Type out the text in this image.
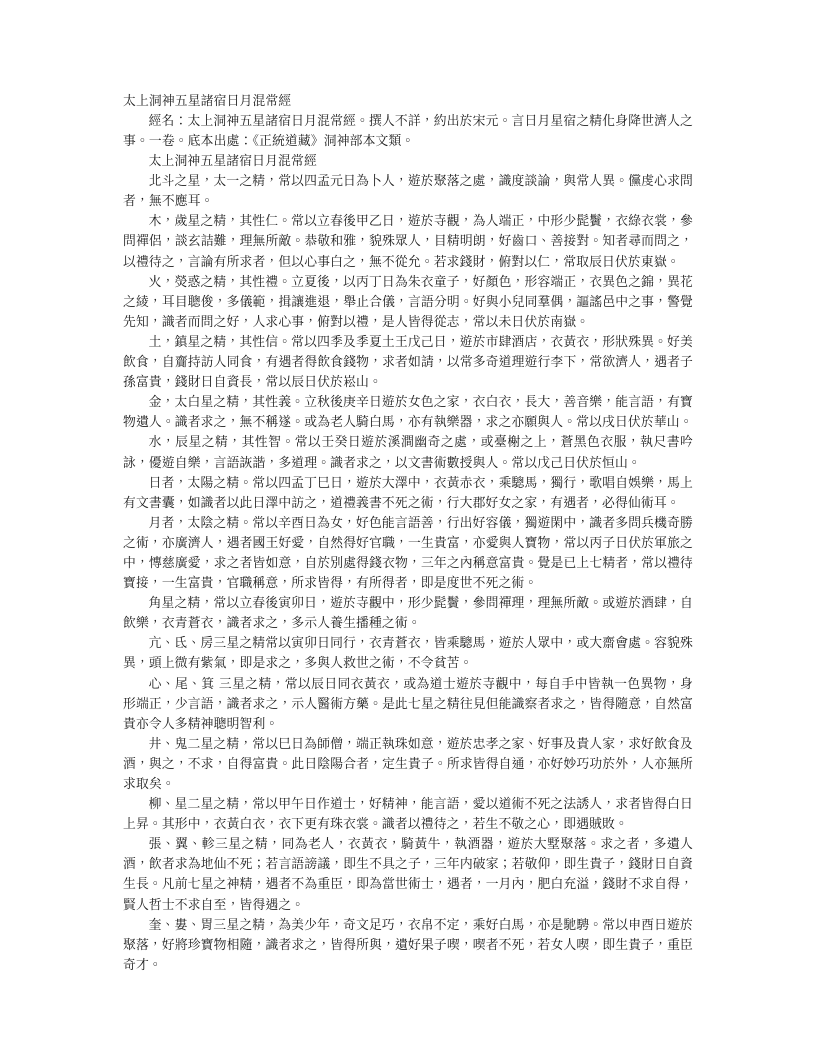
太上洞神五星諸宿日月混常經

經名：太上洞神五星諸宿日月混常經。撰人不詳，約出於宋元。言日月星宿之精化身降世濟人之事。一卷。底本出處：《正統道藏》洞神部本文類。

太上洞神五星諸宿日月混常經

北斗之星，太一之精，常以四孟元日為卜人，遊於聚落之處，識度談論，與常人異。儻虔心求問者，無不應耳。

木，歲星之精，其性仁。常以立春後甲乙日，遊於寺觀，為人端正，中形少髭鬢，衣綠衣裳，參問禪侶，談玄詰難，理無所敵。恭敬和雅，貌殊眾人，目精明朗，好齒口、善接對。知者尋而問之，以禮待之，言論有所求者，但以心事白之，無不從允。若求錢財，俯對以仁，常取辰日伏於東嶽。

火，熒惑之精，其性禮。立夏後，以丙丁日為朱衣童子，好顏色，形容端正，衣異色之錦，異花之綾，耳目聰俊，多儀範，揖讓進退，舉止合儀，言語分明。好與小兒同羣偶，謳謠邑中之事，警覺先知，識者而問之好，人求心事，俯對以禮，是人皆得從志，常以未日伏於南嶽。

土，鎮星之精，其性信。常以四季及季夏土王戊己日，遊於市肆酒店，衣黃衣，形狀殊異。好美飲食，自齎持訪人同食，有遇者得飲食錢物，求者如請，以常多奇道理遊行李下，常欲濟人，遇者子孫富貴，錢財日自資長，常以辰日伏於崧山。

金，太白星之精，其性義。立秋後庚辛日遊於女色之家，衣白衣，長大，善音樂，能言語，有寶物遺人。識者求之，無不稱遂。或為老人騎白馬，亦有執樂器，求之亦願與人。常以戌日伏於華山。

水，辰星之精，其性智。常以壬癸日遊於溪澗幽奇之處，或臺榭之上，蒼黑色衣服，執尺書吟詠，優遊自樂，言語詼諧，多道理。識者求之，以文書術數授與人。常以戊己日伏於恒山。

日者，太陽之精。常以四孟丁巳日，遊於大澤中，衣黃赤衣，乘驄馬，獨行，歌唱自娛樂，馬上有文書囊，如識者以此日澤中訪之，道禮義書不死之術，行大郡好女之家，有遇者，必得仙術耳。

月者，太陰之精。常以辛酉日為女，好色能言語善，行出好容儀，獨遊閑中，識者多問兵機奇勝之術，亦廣濟人，遇者國王好愛，自然得好官職，一生貴富，亦愛與人寶物，常以丙子日伏於軍旅之中，慱慈廣愛，求之者皆如意，自於別處得錢衣物，三年之內稱意富貴。覺是已上七精者，常以禮待寶接，一生富貴，官職稱意，所求皆得，有所得者，即是度世不死之術。

角星之精，常以立春後寅卯日，遊於寺觀中，形少髭鬢，參問禪理，理無所敵。或遊於酒肆，自飲樂，衣青蒼衣，識者求之，多示人養生播種之術。

亢、氐、房三星之精常以寅卯日同行，衣青蒼衣，皆乘驄馬，遊於人眾中，或大齋會處。容貌殊異，頭上微有紫氣，即是求之，多與人救世之術，不令貧苦。

心、尾、箕 三星之精，常以辰日同衣黃衣，或為道士遊於寺觀中，每自手中皆執一色異物，身形端正，少言語，識者求之，示人醫術方藥。是此七星之精往見但能識察者求之，皆得隨意，自然富貴亦令人多精神聰明智利。

井、鬼二星之精，常以巳日為師僧，端正執珠如意，遊於忠孝之家、好事及貴人家，求好飲食及酒，與之，不求，自得富貴。此日陰陽合者，定生貴子。所求皆得自通，亦好妙巧功於外，人亦無所求取矣。

柳、星二星之精，常以甲午日作道士，好精神，能言語，愛以道術不死之法誘人，求者皆得白日上昇。其形中，衣黃白衣，衣下更有珠衣裳。識者以禮待之，若生不敬之心，即遇賊敗。

張、翼、軫三星之精，同為老人，衣黃衣，騎黃牛，執酒器，遊於大墅聚落。求之者，多遺人酒，飲者求為地仙不死；若言語謗議，即生不具之子，三年内破家；若敬仰，即生貴子，錢財日自資生長。凡前七星之神精，遇者不為重臣，即為當世術士，遇者，一月內，肥白充溢，錢財不求自得，賢人哲士不求自至，皆得遇之。

奎、婁、胃三星之精，為美少年，奇文足巧，衣帛不定，乘好白馬，亦是馳騁。常以申酉日遊於聚落，好將珍寶物相隨，識者求之，皆得所與，遺好果子喫，喫者不死，若女人喫，即生貴子，重臣奇才。
